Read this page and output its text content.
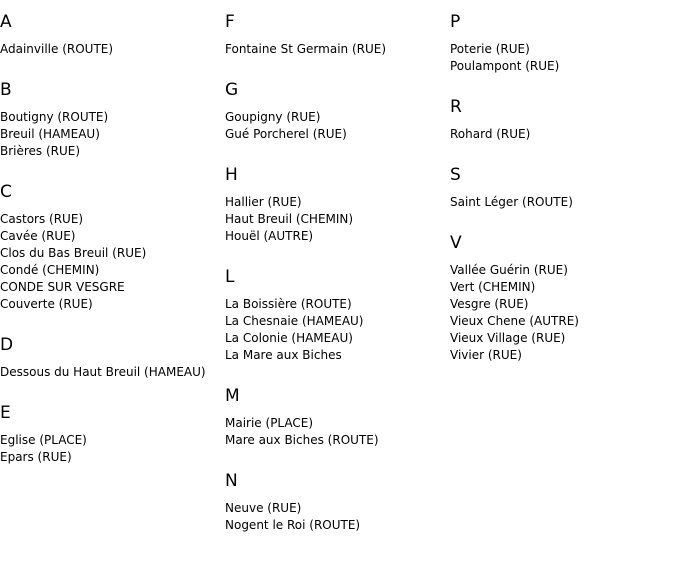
A
Adainville (ROUTE)
B
Boutigny (ROUTE)
Breuil (HAMEAU)
Brières (RUE)
C
Castors (RUE)
Cavée (RUE)
Clos du Bas Breuil (RUE)
Condé (CHEMIN)
CONDE SUR VESGRE
Couverte (RUE)
D
Dessous du Haut Breuil (HAMEAU)
E
Eglise (PLACE)
Epars (RUE)
F
Fontaine St Germain (RUE)
G
Goupigny (RUE)
Gué Porcherel (RUE)
H
Hallier (RUE)
Haut Breuil (CHEMIN)
Houël (AUTRE)
L
La Boissière (ROUTE)
La Chesnaie (HAMEAU)
La Colonie (HAMEAU)
La Mare aux Biches
M
Mairie (PLACE)
Mare aux Biches (ROUTE)
N
Neuve (RUE)
Nogent le Roi (ROUTE)
P
Poterie (RUE)
Poulampont (RUE)
R
Rohard (RUE)
S
Saint Léger (ROUTE)
V
Vallée Guérin (RUE)
Vert (CHEMIN)
Vesgre (RUE)
Vieux Chene (AUTRE)
Vieux Village (RUE)
Vivier (RUE)
